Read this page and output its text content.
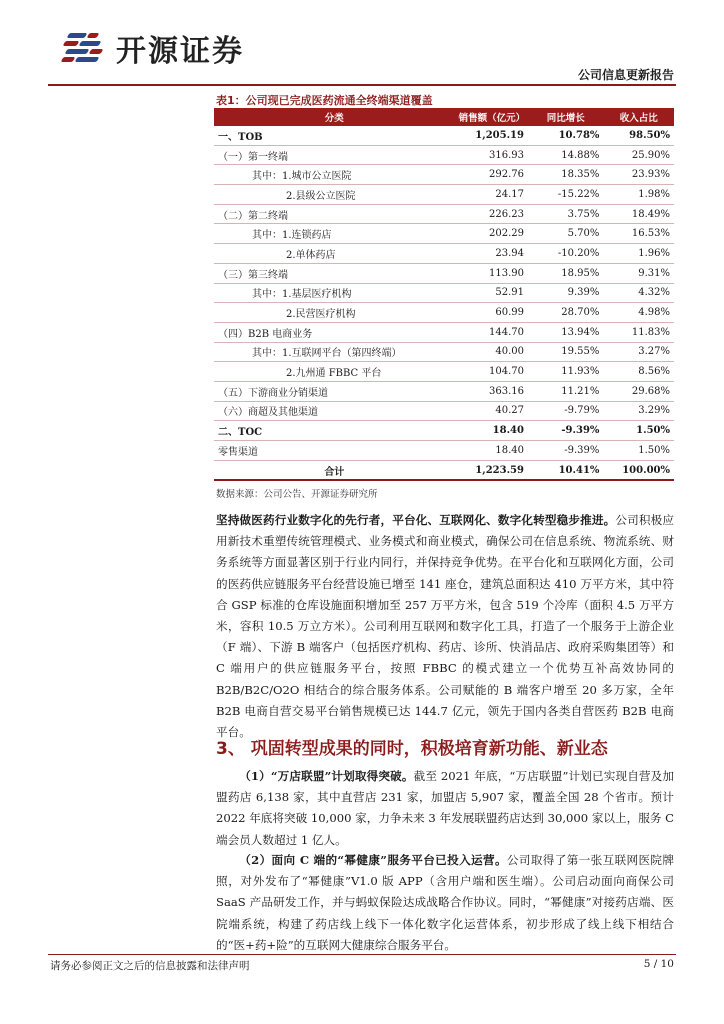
开源证券
公司信息更新报告
表1：公司现已完成医药流通全终端渠道覆盖
分类	销售额（亿元）	同比增长	收入占比
一、TOB	1,205.19	10.78%	98.50%
（一）第一终端	316.93	14.88%	25.90%
其中：1.城市公立医院	292.76	18.35%	23.93%
2.县级公立医院	24.17	-15.22%	1.98%
（二）第二终端	226.23	3.75%	18.49%
其中：1.连锁药店	202.29	5.70%	16.53%
2.单体药店	23.94	-10.20%	1.96%
（三）第三终端	113.90	18.95%	9.31%
其中：1.基层医疗机构	52.91	9.39%	4.32%
2.民营医疗机构	60.99	28.70%	4.98%
（四）B2B 电商业务	144.70	13.94%	11.83%
其中：1.互联网平台（第四终端）	40.00	19.55%	3.27%
2.九州通 FBBC 平台	104.70	11.93%	8.56%
（五）下游商业分销渠道	363.16	11.21%	29.68%
（六）商超及其他渠道	40.27	-9.79%	3.29%
二、TOC	18.40	-9.39%	1.50%
零售渠道	18.40	-9.39%	1.50%
合计	1,223.59	10.41%	100.00%
数据来源：公司公告、开源证券研究所
坚持做医药行业数字化的先行者，平台化、互联网化、数字化转型稳步推进。公司积极应用新技术重塑传统管理模式、业务模式和商业模式，确保公司在信息系统、物流系统、财务系统等方面显著区别于行业内同行，并保持竞争优势。在平台化和互联网化方面，公司的医药供应链服务平台经营设施已增至 141 座仓，建筑总面积达 410 万平方米，其中符合 GSP 标准的仓库设施面积增加至 257 万平方米，包含 519 个冷库（面积 4.5 万平方米，容积 10.5 万立方米）。公司利用互联网和数字化工具，打造了一个服务于上游企业（F 端）、下游 B 端客户（包括医疗机构、药店、诊所、快消品店、政府采购集团等）和 C 端用户的供应链服务平台，按照 FBBC 的模式建立一个优势互补高效协同的 B2B/B2C/O2O 相结合的综合服务体系。公司赋能的 B 端客户增至 20 多万家，全年 B2B 电商自营交易平台销售规模已达 144.7 亿元，领先于国内各类自营医药 B2B 电商平台。
3、 巩固转型成果的同时，积极培育新功能、新业态
（1）“万店联盟”计划取得突破。截至 2021 年底，“万店联盟”计划已实现自营及加盟药店 6,138 家，其中直营店 231 家，加盟店 5,907 家，覆盖全国 28 个省市。预计 2022 年底将突破 10,000 家，力争未来 3 年发展联盟药店达到 30,000 家以上，服务 C 端会员人数超过 1 亿人。
（2）面向 C 端的“幂健康”服务平台已投入运营。公司取得了第一张互联网医院牌照，对外发布了“幂健康”V1.0 版 APP（含用户端和医生端）。公司启动面向商保公司 SaaS 产品研发工作，并与蚂蚁保险达成战略合作协议。同时，“幂健康”对接药店端、医院端系统，构建了药店线上线下一体化数字化运营体系，初步形成了线上线下相结合的“医+药+险”的互联网大健康综合服务平台。
请务必参阅正文之后的信息披露和法律声明	5 / 10
